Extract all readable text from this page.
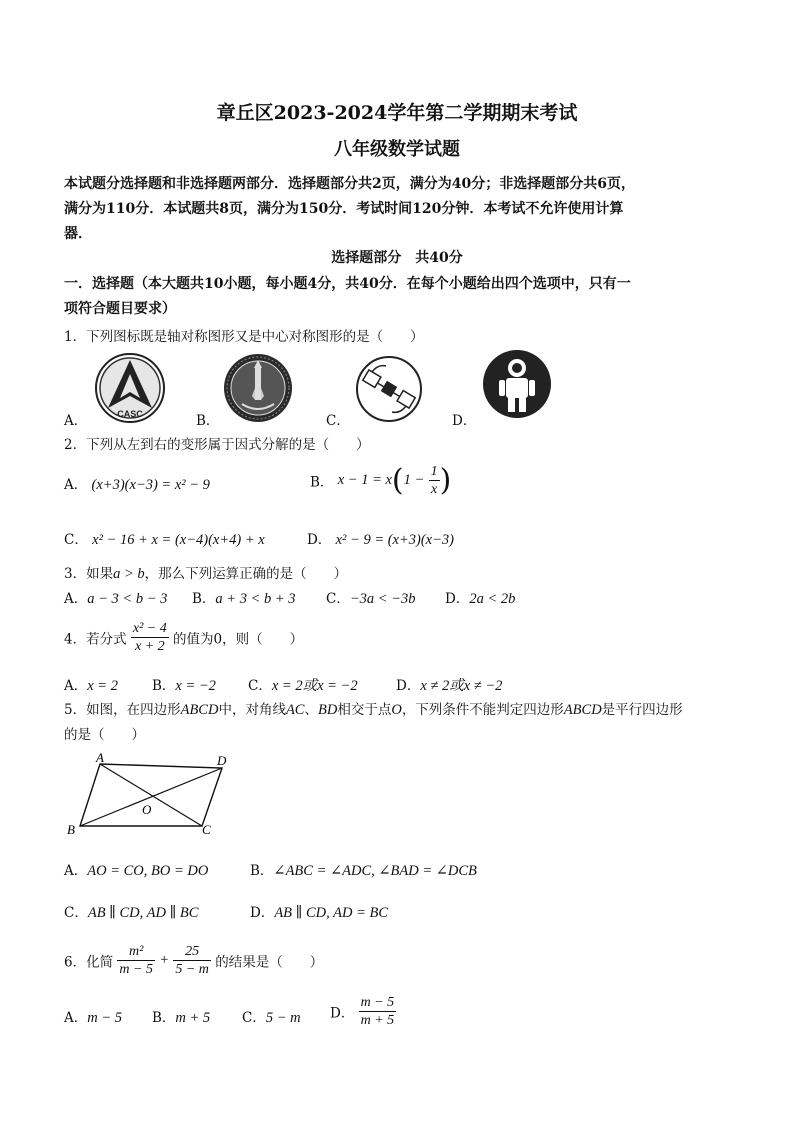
章丘区2023-2024学年第二学期期末考试
八年级数学试题
本试题分选择题和非选择题两部分．选择题部分共2页，满分为40分；非选择题部分共6页，
满分为110分．本试题共8页，满分为150分．考试时间120分钟．本考试不允许使用计算
器．
选择题部分　共40分
一．选择题（本大题共10小题，每小题4分，共40分．在每个小题给出四个选项中，只有一
项符合题目要求）
1．下列图标既是轴对称图形又是中心对称图形的是（　　）
A．	CASC	B．	C．	D．
2．下列从左到右的变形属于因式分解的是（　　）
A． (x+3)(x−3) = x² − 9	B． $x - 1 = x(1 - \frac{1}{x}$ )
C． x² − 16 + x = (x−4)(x+4) + x	D． x² − 9 = (x+3)(x−3)
3．如果a > b，那么下列运算正确的是（　　）
A．a − 3 < b − 3 B．a + 3 < b + 3 C．−3a < −3b D．2a < 2b
4．若分式 $\frac{\text{x² − 4}}{x + 2}$ 的值为0，则（　　）
A．x = 2	B．x = −2 C．x = 2或x = −2	D．x ≠ 2或x ≠ −2
5．如图，在四边形ABCD中，对角线AC、BD相交于点O，下列条件不能判定四边形ABCD是平行四边形
的是（　　）
A	D
B	C
O
A．AO = CO, BO = DO	B．∠ABC = ∠ADC, ∠BAD = ∠DCB
C．AB ∥ CD, AD ∥ BC	D．AB ∥ CD, AD = BC
6．化简 $\frac{\text{m²}}{m - 5} + \frac{25}{5 - m}$ 的结果是（　　）
A．m − 5 B．m + 5 C．5 − m D． $\frac{m - 5}{m + 5}$
